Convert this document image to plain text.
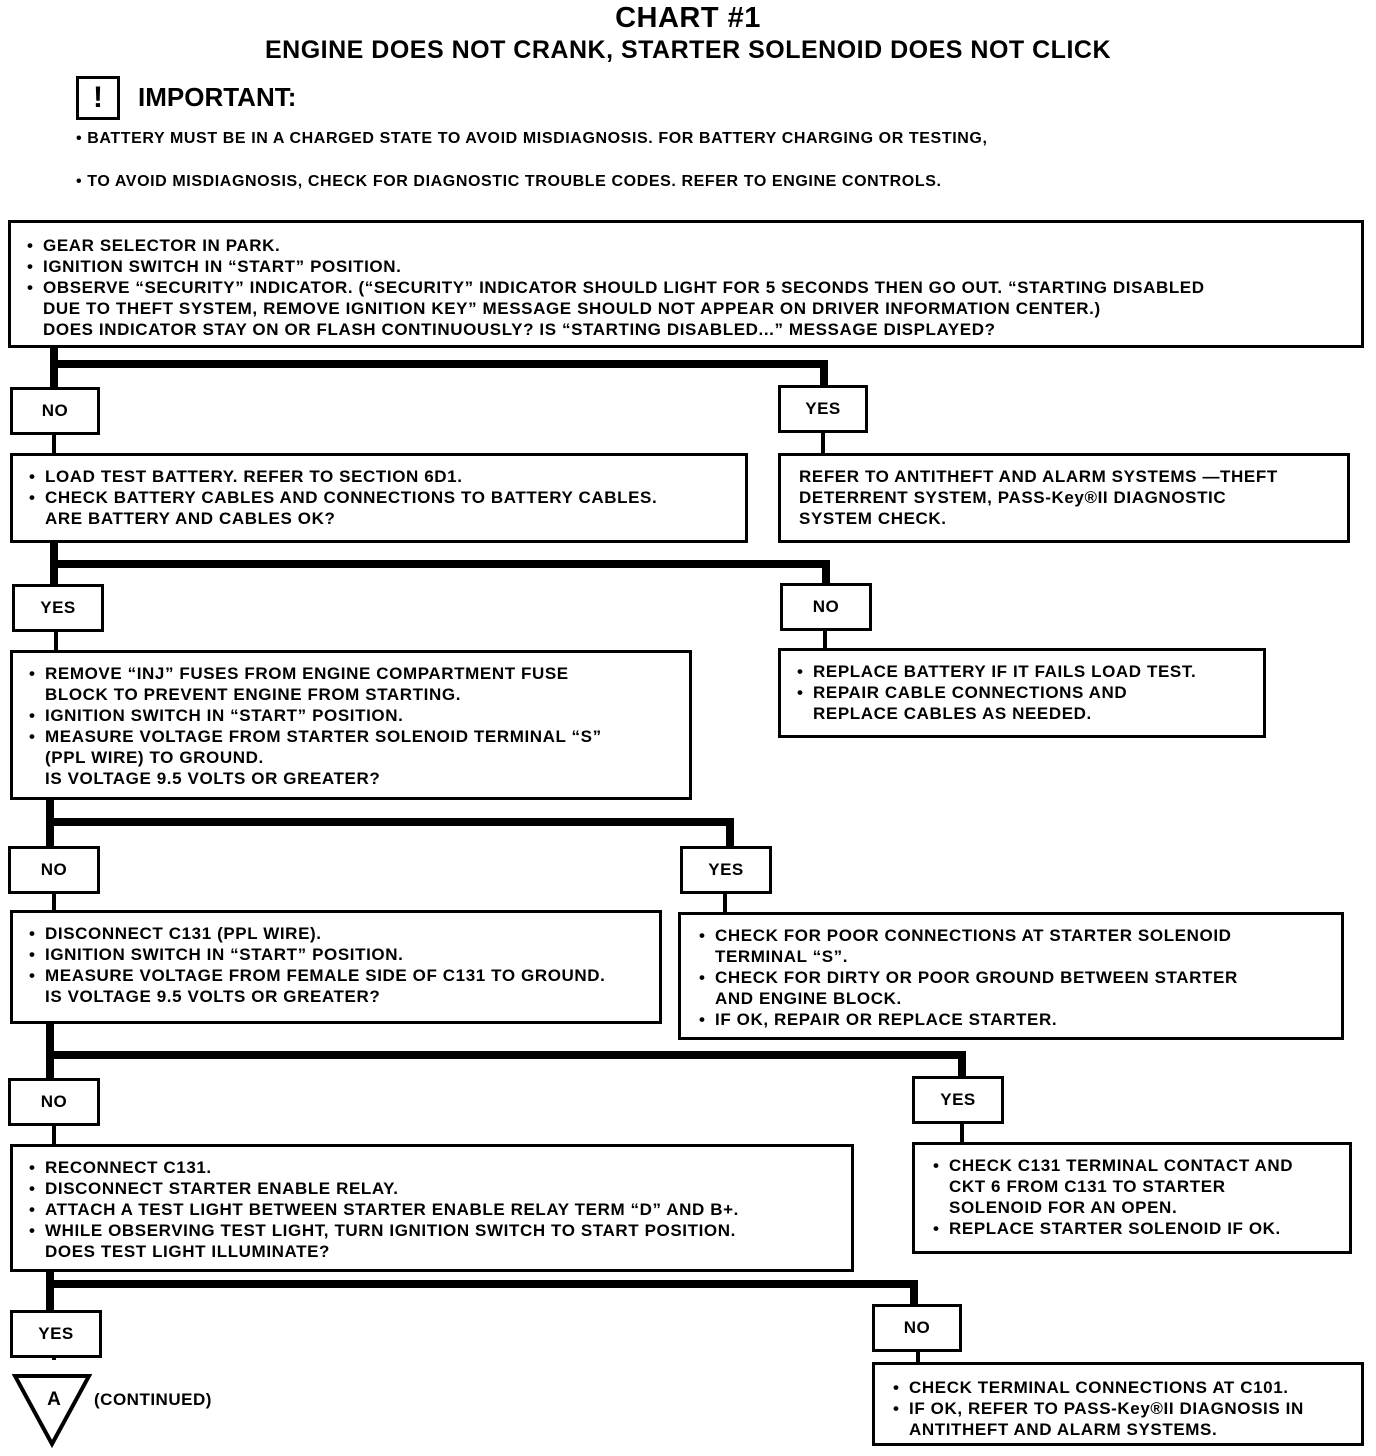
CHART #1
ENGINE DOES NOT CRANK, STARTER SOLENOID DOES NOT CLICK
! IMPORTANT:
• BATTERY MUST BE IN A CHARGED STATE TO AVOID MISDIAGNOSIS. FOR BATTERY CHARGING OR TESTING,
• TO AVOID MISDIAGNOSIS, CHECK FOR DIAGNOSTIC TROUBLE CODES. REFER TO ENGINE CONTROLS.
• GEAR SELECTOR IN PARK.
• IGNITION SWITCH IN “START” POSITION.
• OBSERVE “SECURITY” INDICATOR. (“SECURITY” INDICATOR SHOULD LIGHT FOR 5 SECONDS THEN GO OUT. “STARTING DISABLED
DUE TO THEFT SYSTEM, REMOVE IGNITION KEY” MESSAGE SHOULD NOT APPEAR ON DRIVER INFORMATION CENTER.)
DOES INDICATOR STAY ON OR FLASH CONTINUOUSLY? IS “STARTING DISABLED...” MESSAGE DISPLAYED?
NO	YES
• LOAD TEST BATTERY. REFER TO SECTION 6D1.
• CHECK BATTERY CABLES AND CONNECTIONS TO BATTERY CABLES.
ARE BATTERY AND CABLES OK?

REFER TO ANTITHEFT AND ALARM SYSTEMS —THEFT

DETERRENT SYSTEM, PASS-Key®II DIAGNOSTIC

SYSTEM CHECK.

YES	NO
• REMOVE “INJ” FUSES FROM ENGINE COMPARTMENT FUSE
BLOCK TO PREVENT ENGINE FROM STARTING.
• IGNITION SWITCH IN “START” POSITION.
• MEASURE VOLTAGE FROM STARTER SOLENOID TERMINAL “S”
(PPL WIRE) TO GROUND.
IS VOLTAGE 9.5 VOLTS OR GREATER?
• REPLACE BATTERY IF IT FAILS LOAD TEST.
• REPAIR CABLE CONNECTIONS AND
REPLACE CABLES AS NEEDED.
NO	YES
• DISCONNECT C131 (PPL WIRE).
• IGNITION SWITCH IN “START” POSITION.
• MEASURE VOLTAGE FROM FEMALE SIDE OF C131 TO GROUND.
IS VOLTAGE 9.5 VOLTS OR GREATER?
• CHECK FOR POOR CONNECTIONS AT STARTER SOLENOID
TERMINAL “S”.
• CHECK FOR DIRTY OR POOR GROUND BETWEEN STARTER
AND ENGINE BLOCK.
• IF OK, REPAIR OR REPLACE STARTER.
NO	YES
• RECONNECT C131.
• DISCONNECT STARTER ENABLE RELAY.
• ATTACH A TEST LIGHT BETWEEN STARTER ENABLE RELAY TERM “D” AND B+.
• WHILE OBSERVING TEST LIGHT, TURN IGNITION SWITCH TO START POSITION.
DOES TEST LIGHT ILLUMINATE?
• CHECK C131 TERMINAL CONTACT AND
CKT 6 FROM C131 TO STARTER
SOLENOID FOR AN OPEN.
• REPLACE STARTER SOLENOID IF OK.
YES	NO
• CHECK TERMINAL CONNECTIONS AT C101.
• IF OK, REFER TO PASS-Key®II DIAGNOSIS IN
ANTITHEFT AND ALARM SYSTEMS.
A	(CONTINUED)
